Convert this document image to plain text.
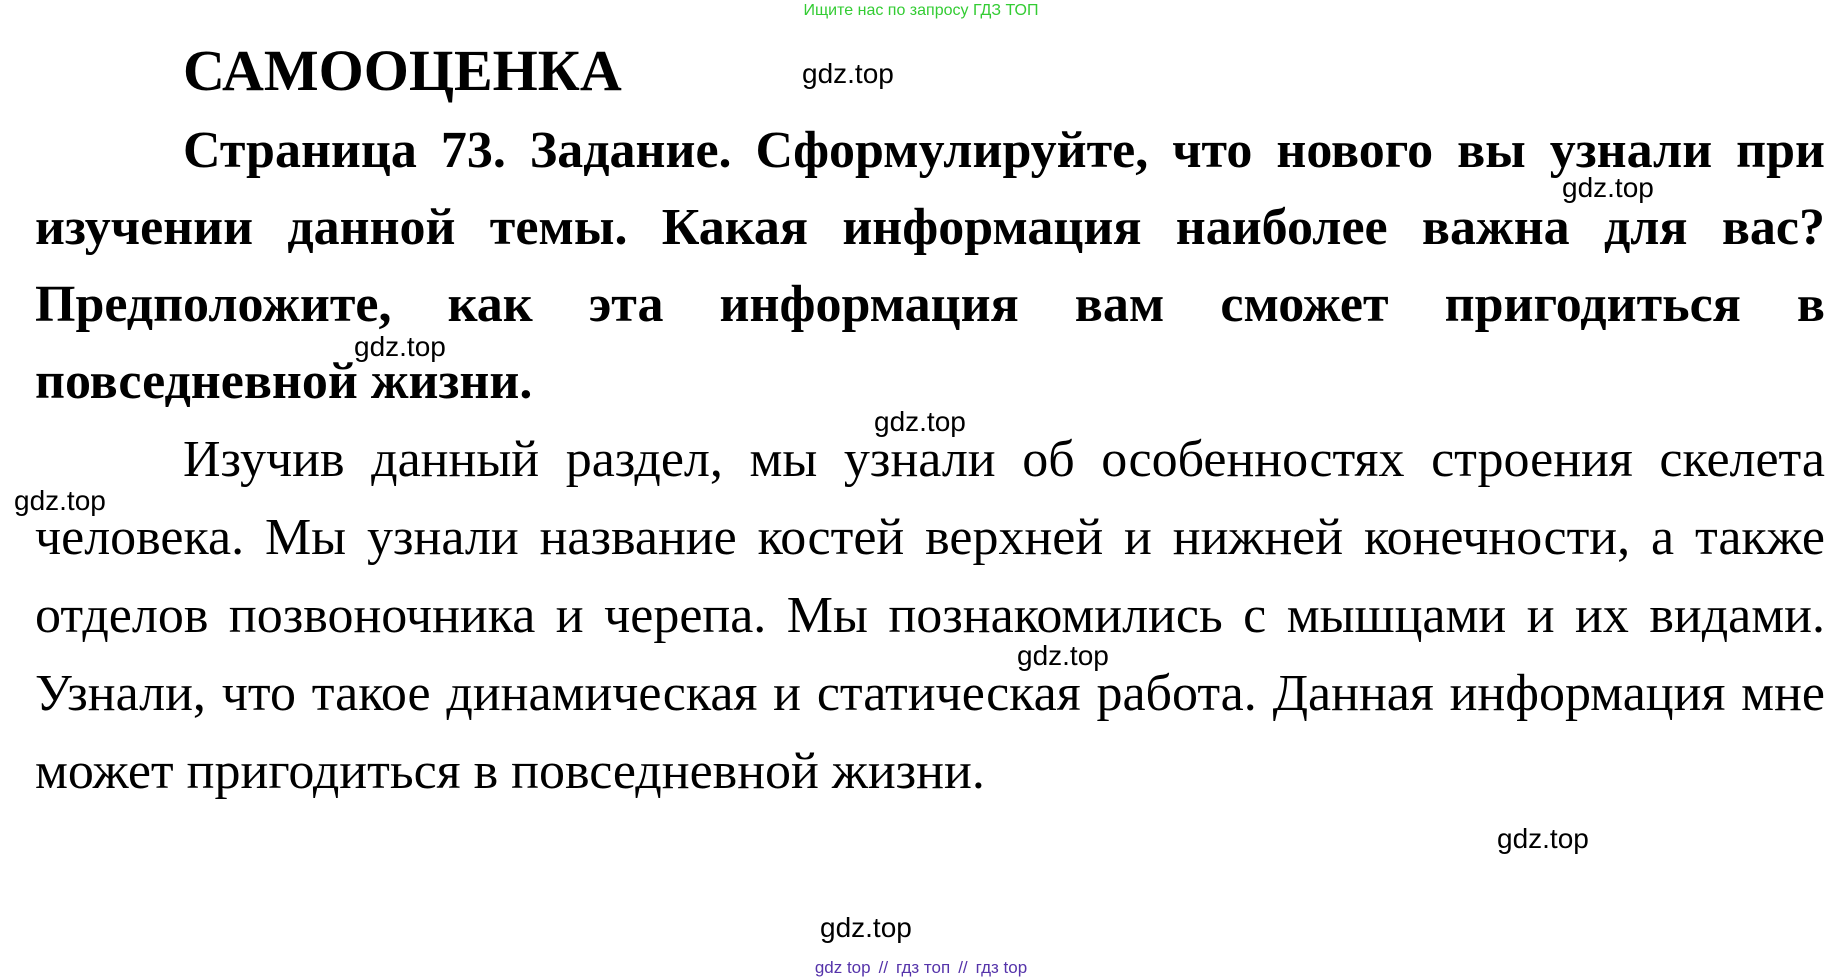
Ищите нас по запросу ГДЗ ТОП
САМООЦЕНКА

Страница 73. Задание. Сформулируйте, что нового вы узнали при изучении данной темы. Какая информация наиболее важна для вас? Предположите, как эта информация вам сможет пригодиться в повседневной жизни.

Изучив данный раздел, мы узнали об особенностях строения скелета человека. Мы узнали название костей верхней и нижней конечности, а также отделов позвоночника и черепа. Мы познакомились с мышцами и их видами. Узнали, что такое динамическая и статическая работа. Данная информация мне может пригодиться в повседневной жизни.

gdz.top
gdz.top
gdz.top
gdz.top
gdz.top
gdz.top
gdz.top
gdz.top
gdz top // гдз топ // гдз top
